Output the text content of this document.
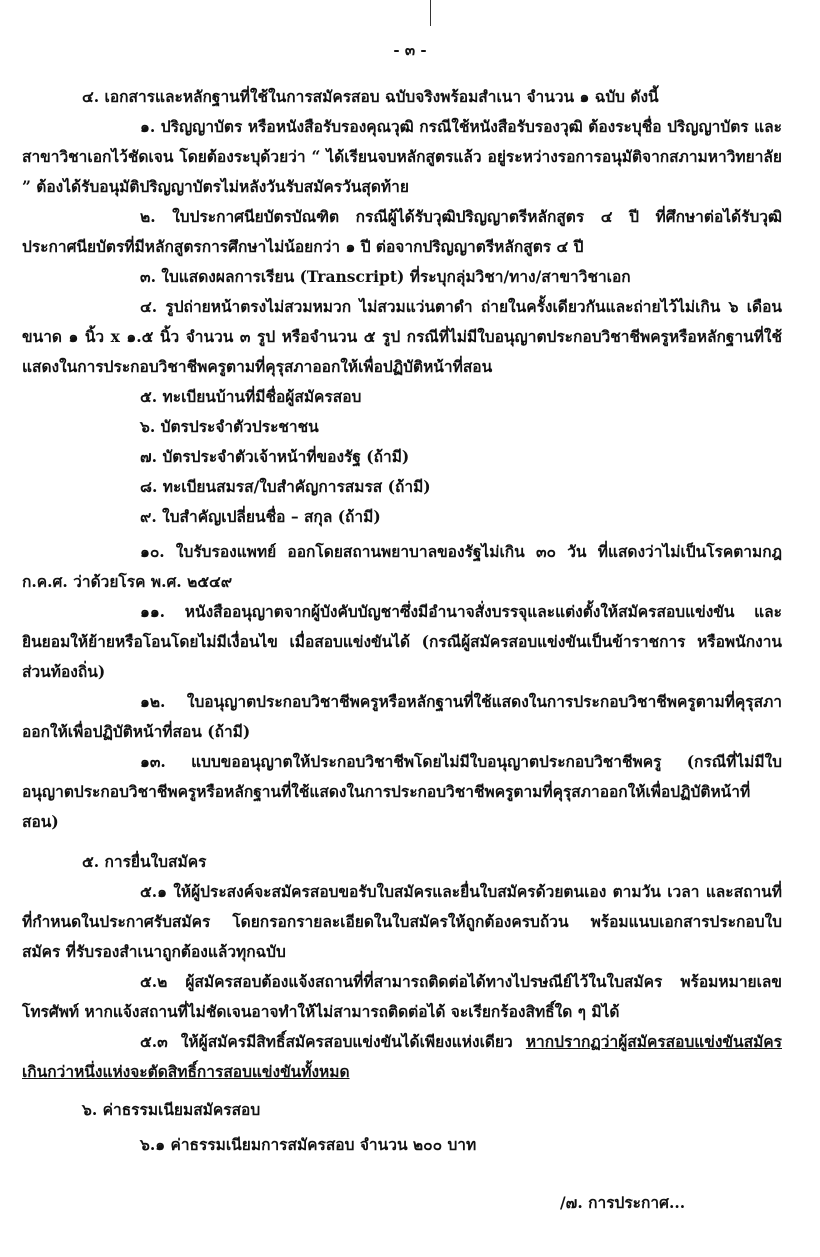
- ๓ -

๔. เอกสารและหลักฐานที่ใช้ในการสมัครสอบ ฉบับจริงพร้อมสำเนา จำนวน ๑ ฉบับ ดังนี้

๑. ปริญญาบัตร หรือหนังสือรับรองคุณวุฒิ กรณีใช้หนังสือรับรองวุฒิ ต้องระบุชื่อ ปริญญาบัตร และสาขาวิชาเอกไว้ชัดเจน โดยต้องระบุด้วยว่า “ ได้เรียนจบหลักสูตรแล้ว อยู่ระหว่างรอการอนุมัติจากสภามหาวิทยาลัย ” ต้องได้รับอนุมัติปริญญาบัตรไม่หลังวันรับสมัครวันสุดท้าย

๒. ใบประกาศนียบัตรบัณฑิต กรณีผู้ได้รับวุฒิปริญญาตรีหลักสูตร ๔ ปี ที่ศึกษาต่อได้รับวุฒิประกาศนียบัตรที่มีหลักสูตรการศึกษาไม่น้อยกว่า ๑ ปี ต่อจากปริญญาตรีหลักสูตร ๔ ปี

๓. ใบแสดงผลการเรียน (Transcript) ที่ระบุกลุ่มวิชา/ทาง/สาขาวิชาเอก

๔. รูปถ่ายหน้าตรงไม่สวมหมวก ไม่สวมแว่นตาดำ ถ่ายในครั้งเดียวกันและถ่ายไว้ไม่เกิน ๖ เดือน ขนาด ๑ นิ้ว x ๑.๕ นิ้ว จำนวน ๓ รูป หรือจำนวน ๕ รูป กรณีที่ไม่มีใบอนุญาตประกอบวิชาชีพครูหรือหลักฐานที่ใช้แสดงในการประกอบวิชาชีพครูตามที่คุรุสภาออกให้เพื่อปฏิบัติหน้าที่สอน

๕. ทะเบียนบ้านที่มีชื่อผู้สมัครสอบ

๖. บัตรประจำตัวประชาชน

๗. บัตรประจำตัวเจ้าหน้าที่ของรัฐ (ถ้ามี)

๘. ทะเบียนสมรส/ใบสำคัญการสมรส (ถ้ามี)

๙. ใบสำคัญเปลี่ยนชื่อ – สกุล (ถ้ามี)

๑๐. ใบรับรองแพทย์ ออกโดยสถานพยาบาลของรัฐไม่เกิน ๓๐ วัน ที่แสดงว่าไม่เป็นโรคตามกฎ ก.ค.ศ. ว่าด้วยโรค พ.ศ. ๒๕๔๙

๑๑. หนังสืออนุญาตจากผู้บังคับบัญชาซึ่งมีอำนาจสั่งบรรจุและแต่งตั้งให้สมัครสอบแข่งขัน และยินยอมให้ย้ายหรือโอนโดยไม่มีเงื่อนไข เมื่อสอบแข่งขันได้ (กรณีผู้สมัครสอบแข่งขันเป็นข้าราชการ หรือพนักงานส่วนท้องถิ่น)

๑๒. ใบอนุญาตประกอบวิชาชีพครูหรือหลักฐานที่ใช้แสดงในการประกอบวิชาชีพครูตามที่คุรุสภาออกให้เพื่อปฏิบัติหน้าที่สอน (ถ้ามี)

๑๓. แบบขออนุญาตให้ประกอบวิชาชีพโดยไม่มีใบอนุญาตประกอบวิชาชีพครู (กรณีที่ไม่มีใบอนุญาตประกอบวิชาชีพครูหรือหลักฐานที่ใช้แสดงในการประกอบวิชาชีพครูตามที่คุรุสภาออกให้เพื่อปฏิบัติหน้าที่สอน)

๕. การยื่นใบสมัคร

๕.๑ ให้ผู้ประสงค์จะสมัครสอบขอรับใบสมัครและยื่นใบสมัครด้วยตนเอง ตามวัน เวลา และสถานที่ที่กำหนดในประกาศรับสมัคร โดยกรอกรายละเอียดในใบสมัครให้ถูกต้องครบถ้วน พร้อมแนบเอกสารประกอบใบสมัคร ที่รับรองสำเนาถูกต้องแล้วทุกฉบับ

๕.๒ ผู้สมัครสอบต้องแจ้งสถานที่ที่สามารถติดต่อได้ทางไปรษณีย์ไว้ในใบสมัคร พร้อมหมายเลขโทรศัพท์ หากแจ้งสถานที่ไม่ชัดเจนอาจทำให้ไม่สามารถติดต่อได้ จะเรียกร้องสิทธิ์ใด ๆ มิได้

๕.๓ ให้ผู้สมัครมีสิทธิ์สมัครสอบแข่งขันได้เพียงแห่งเดียว หากปรากฏว่าผู้สมัครสอบแข่งขันสมัครเกินกว่าหนึ่งแห่งจะตัดสิทธิ์การสอบแข่งขันทั้งหมด

๖. ค่าธรรมเนียมสมัครสอบ

๖.๑ ค่าธรรมเนียมการสมัครสอบ จำนวน ๒๐๐ บาท

/๗. การประกาศ...
